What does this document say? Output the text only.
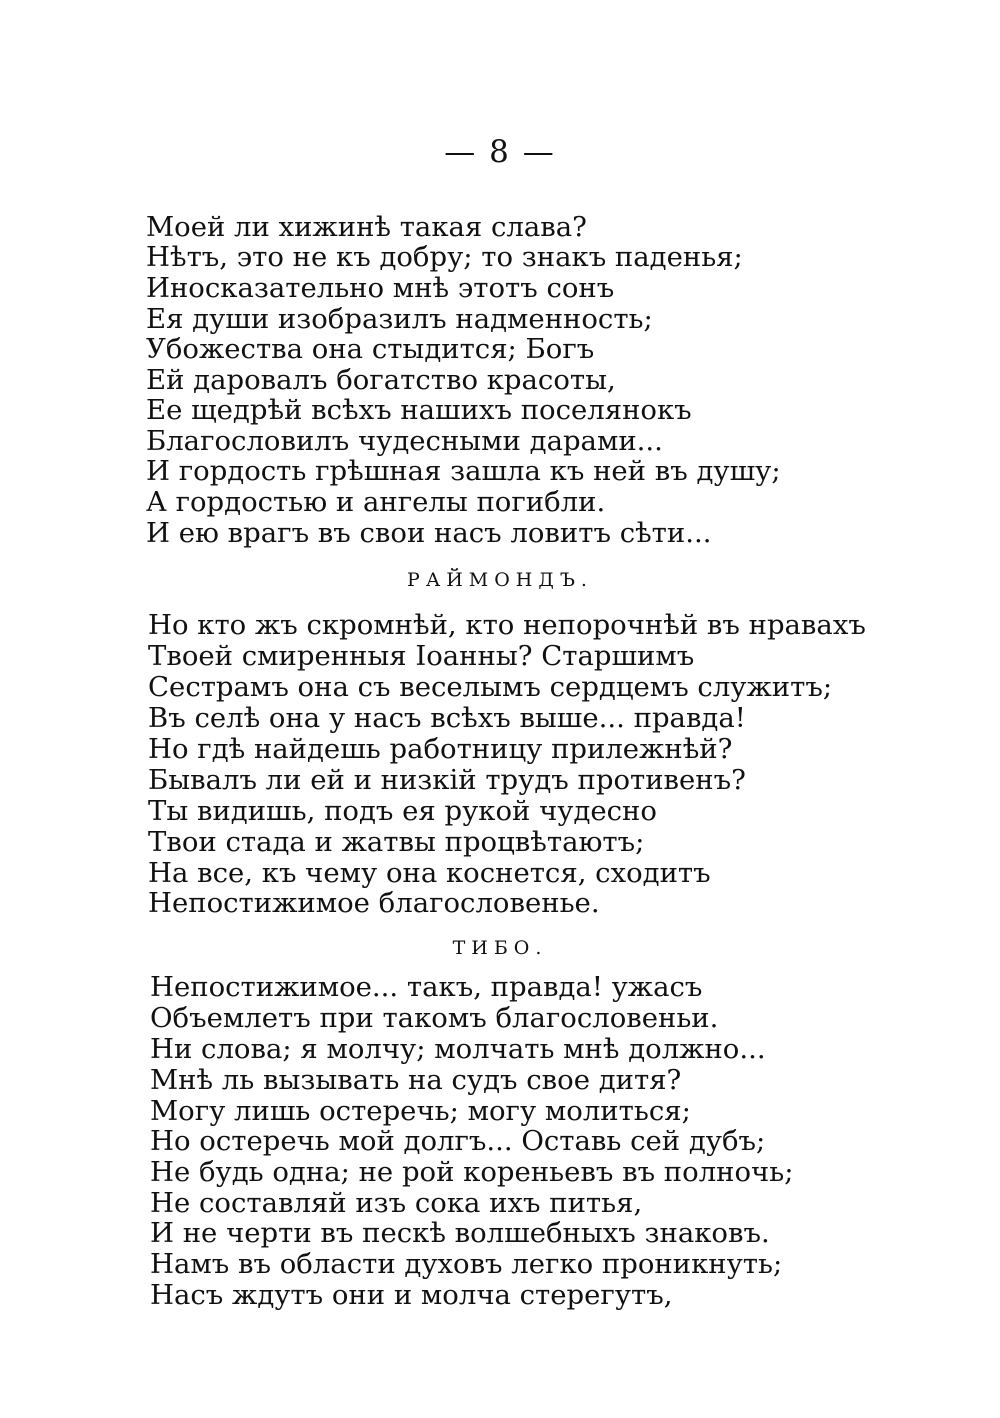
— 8 —
Моей ли хижинѣ такая слава?
Нѣтъ, это не къ добру; то знакъ паденья;
Иносказательно мнѣ этотъ сонъ
Ея души изобразилъ надменность;
Убожества она стыдится; Богъ
Ей даровалъ богатство красоты,
Ее щедрѣй всѣхъ нашихъ поселянокъ
Благословилъ чудесными дарами...
И гордость грѣшная зашла къ ней въ душу;
А гордостью и ангелы погибли.
И ею врагъ въ свои насъ ловитъ сѣти...
РАЙМОНДЪ.
Но кто жъ скромнѣй, кто непорочнѣй въ нравахъ
Твоей смиренныя Іоанны? Старшимъ
Сестрамъ она съ веселымъ сердцемъ служитъ;
Въ селѣ она у насъ всѣхъ выше... правда!
Но гдѣ найдешь работницу прилежнѣй?
Бывалъ ли ей и низкій трудъ противенъ?
Ты видишь, подъ ея рукой чудесно
Твои стада и жатвы процвѣтаютъ;
На все, къ чему она коснется, сходитъ
Непостижимое благословенье.
ТИБО.
Непостижимое... такъ, правда! ужасъ
Объемлетъ при такомъ благословеньи.
Ни слова; я молчу; молчать мнѣ должно...
Мнѣ ль вызывать на судъ свое дитя?
Могу лишь остеречь; могу молиться;
Но остеречь мой долгъ... Оставь сей дубъ;
Не будь одна; не рой кореньевъ въ полночь;
Не составляй изъ сока ихъ питья,
И не черти въ пескѣ волшебныхъ знаковъ.
Намъ въ области духовъ легко проникнуть;
Насъ ждутъ они и молча стерегутъ,
